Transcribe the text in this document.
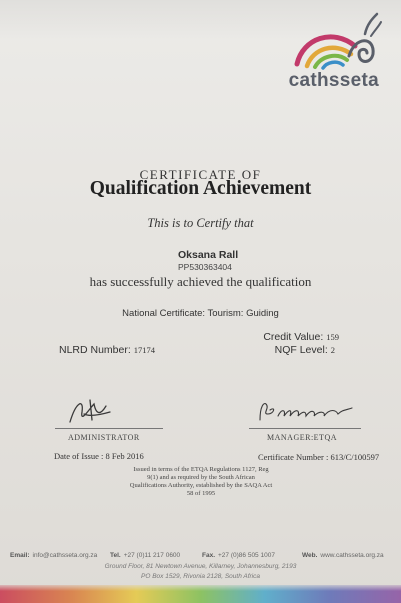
cathsseta
CERTIFICATE OF
Qualification Achievement
This is to Certify that
Oksana Rall
PP530363404
has successfully achieved the qualification
National Certificate: Tourism: Guiding
Credit Value: 159
NQF Level: 2
NLRD Number: 17174
ADMINISTRATOR	MANAGER:ETQA
Date of Issue : 8 Feb 2016	Certificate Number : 613/C/100597
Issued in terms of the ETQA Regulations 1127, Reg 9(1) and as required by the South African Qualifications Authority, established by the SAQA Act 58 of 1995
Email: info@cathsseta.org.za Tel. +27 (0)11 217 0600	Fax. +27 (0)86 505 1007	Web. www.cathsseta.org.za
Ground Floor, 81 Newtown Avenue, Killarney, Johannesburg, 2193
PO Box 1529, Rivonia 2128, South Africa
